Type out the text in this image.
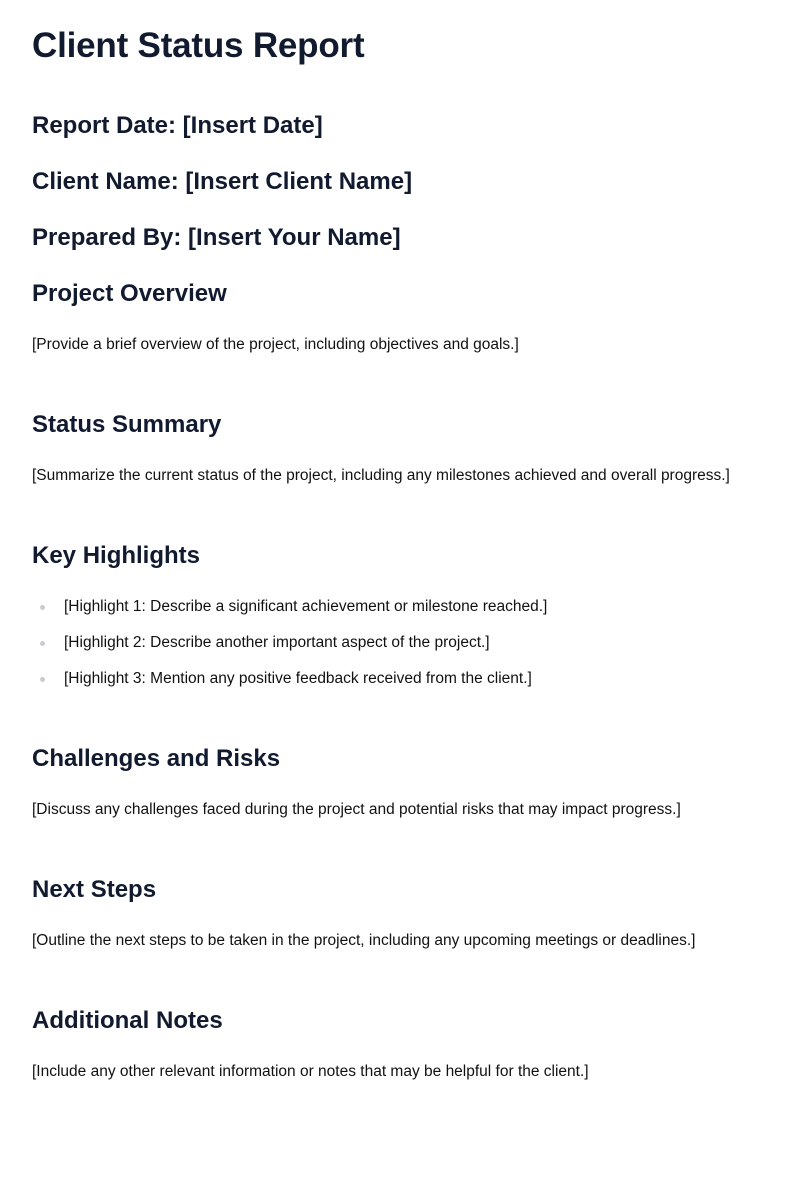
Client Status Report
Report Date: [Insert Date]
Client Name: [Insert Client Name]
Prepared By: [Insert Your Name]
Project Overview

[Provide a brief overview of the project, including objectives and goals.]

Status Summary

[Summarize the current status of the project, including any milestones achieved and overall progress.]

Key Highlights
[Highlight 1: Describe a significant achievement or milestone reached.]
[Highlight 2: Describe another important aspect of the project.]
[Highlight 3: Mention any positive feedback received from the client.]
Challenges and Risks

[Discuss any challenges faced during the project and potential risks that may impact progress.]

Next Steps

[Outline the next steps to be taken in the project, including any upcoming meetings or deadlines.]

Additional Notes

[Include any other relevant information or notes that may be helpful for the client.]
